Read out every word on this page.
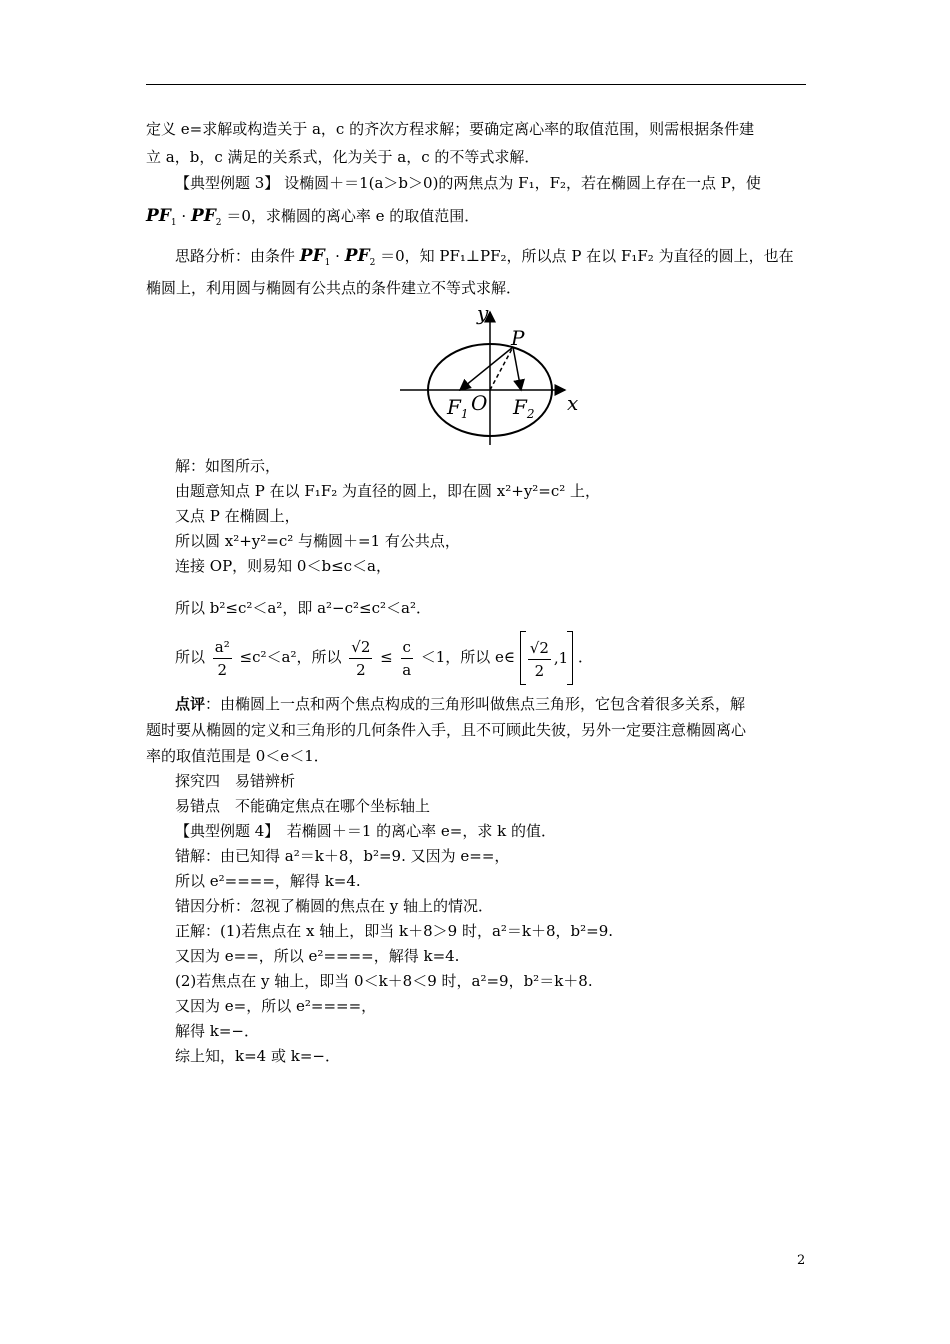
定义 e=求解或构造关于 a，c 的齐次方程求解；要确定离心率的取值范围，则需根据条件建
立 a，b，c 满足的关系式，化为关于 a，c 的不等式求解．
【典型例题 3】 设椭圆＋＝1(a＞b＞0)的两焦点为 F₁，F₂，若在椭圆上存在一点 P，使
$PF_1 \cdot PF_2 =0$，求椭圆的离心率 e 的取值范围．
思路分析：由条件 $PF_1 \cdot PF_2 =0$，知 PF₁⊥PF₂，所以点 P 在以 F₁F₂ 为直径的圆上，也在
椭圆上，利用圆与椭圆有公共点的条件建立不等式求解．
y
x
P
$F_1$ O $F_2$
解：如图所示，
由题意知点 P 在以 F₁F₂ 为直径的圆上，即在圆 x²+y²=c² 上，
又点 P 在椭圆上，
所以圆 x²+y²=c² 与椭圆＋=1 有公共点，
连接 OP，则易知 0＜b≤c＜a，
所以 b²≤c²＜a²，即 a²−c²≤c²＜a²．
所以 $\frac{\text{a²}}{2} \le c^2<a^2$，所以 $\frac{√2}{2} \le \frac{c}{a} <1$，所以 e∈ $\frac{√2}{2} ,1$ ．
点评：由椭圆上一点和两个焦点构成的三角形叫做焦点三角形，它包含着很多关系，解
题时要从椭圆的定义和三角形的几何条件入手，且不可顾此失彼，另外一定要注意椭圆离心
率的取值范围是 0＜e＜1．
探究四　易错辨析
易错点　不能确定焦点在哪个坐标轴上
【典型例题 4】　若椭圆＋＝1 的离心率 e=，求 k 的值．
错解：由已知得 a²＝k＋8，b²=9. 又因为 e==，
所以 e²====，解得 k=4.
错因分析：忽视了椭圆的焦点在 y 轴上的情况．
正解：(1)若焦点在 x 轴上，即当 k＋8＞9 时，a²＝k＋8，b²=9.
又因为 e==，所以 e²====，解得 k=4.
(2)若焦点在 y 轴上，即当 0＜k＋8＜9 时，a²=9，b²＝k＋8.
又因为 e=，所以 e²====，
解得 k=−．
综上知，k=4 或 k=−．
2
